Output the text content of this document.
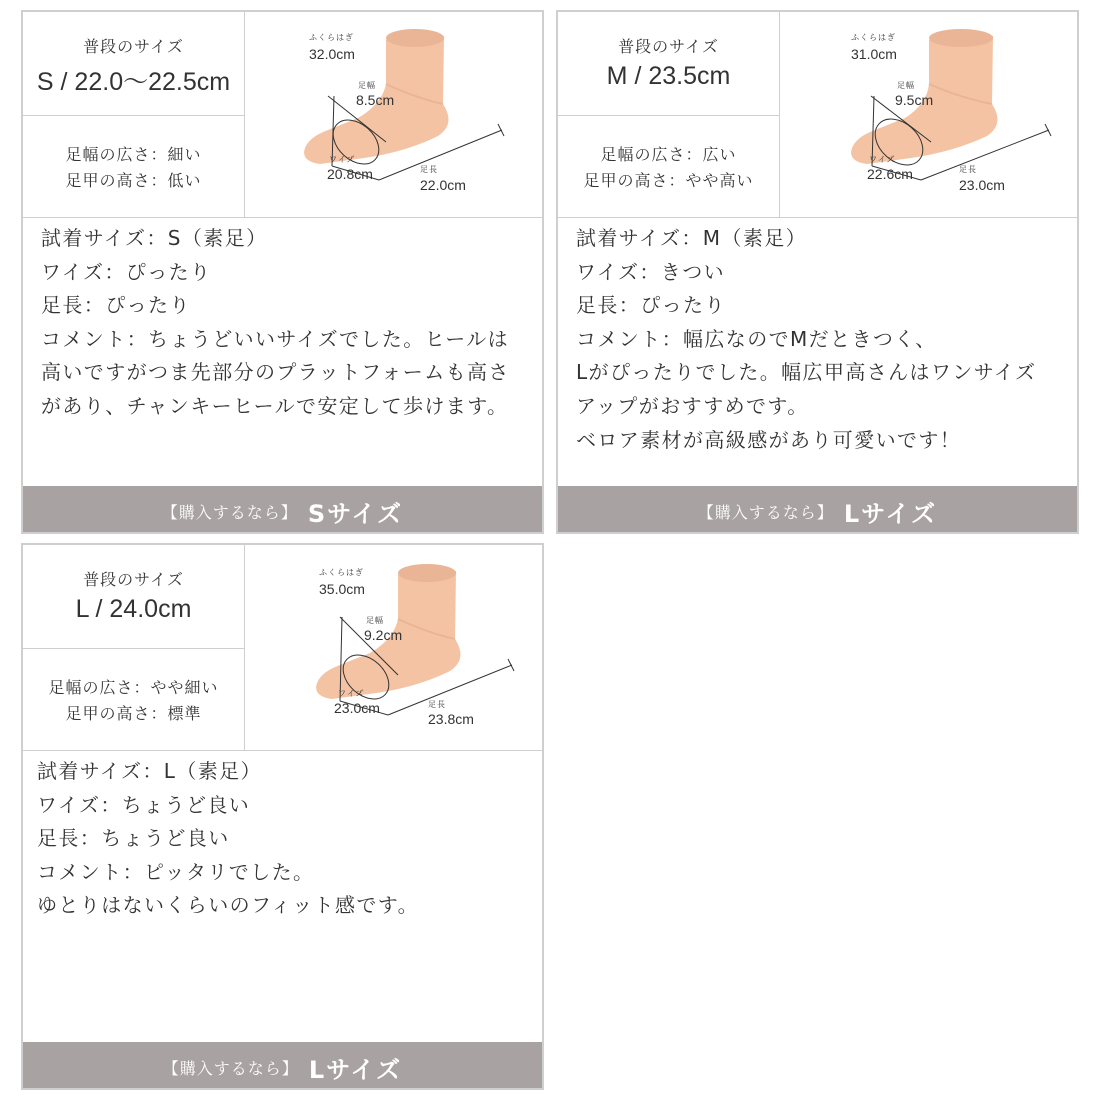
普段のサイズ
S / 22.0〜22.5cm
足幅の広さ：細い
足甲の高さ：低い
ふくらはぎ
32.0cm
足幅
8.5cm
ワイズ
20.8cm	足長
22.0cm
試着サイズ：S（素足）
ワイズ：ぴったり
足長：ぴったり
コメント：ちょうどいいサイズでした。ヒールは
高いですがつま先部分のプラットフォームも高さ
があり、チャンキーヒールで安定して歩けます。
【購入するなら】 Sサイズ
普段のサイズ
M / 23.5cm
足幅の広さ：広い
足甲の高さ：やや高い
ふくらはぎ
31.0cm
足幅
9.5cm
ワイズ
22.6cm	足長
23.0cm
試着サイズ：M（素足）
ワイズ：きつい
足長：ぴったり
コメント：幅広なのでMだときつく、
Lがぴったりでした。幅広甲高さんはワンサイズ
アップがおすすめです。
ベロア素材が高級感があり可愛いです！
【購入するなら】 Lサイズ
普段のサイズ
L / 24.0cm
足幅の広さ：やや細い
足甲の高さ：標準
ふくらはぎ
35.0cm
足幅
9.2cm
ワイズ
23.0cm	足長
23.8cm
試着サイズ：L（素足）
ワイズ：ちょうど良い
足長：ちょうど良い
コメント：ピッタリでした。
ゆとりはないくらいのフィット感です。
【購入するなら】 Lサイズ
